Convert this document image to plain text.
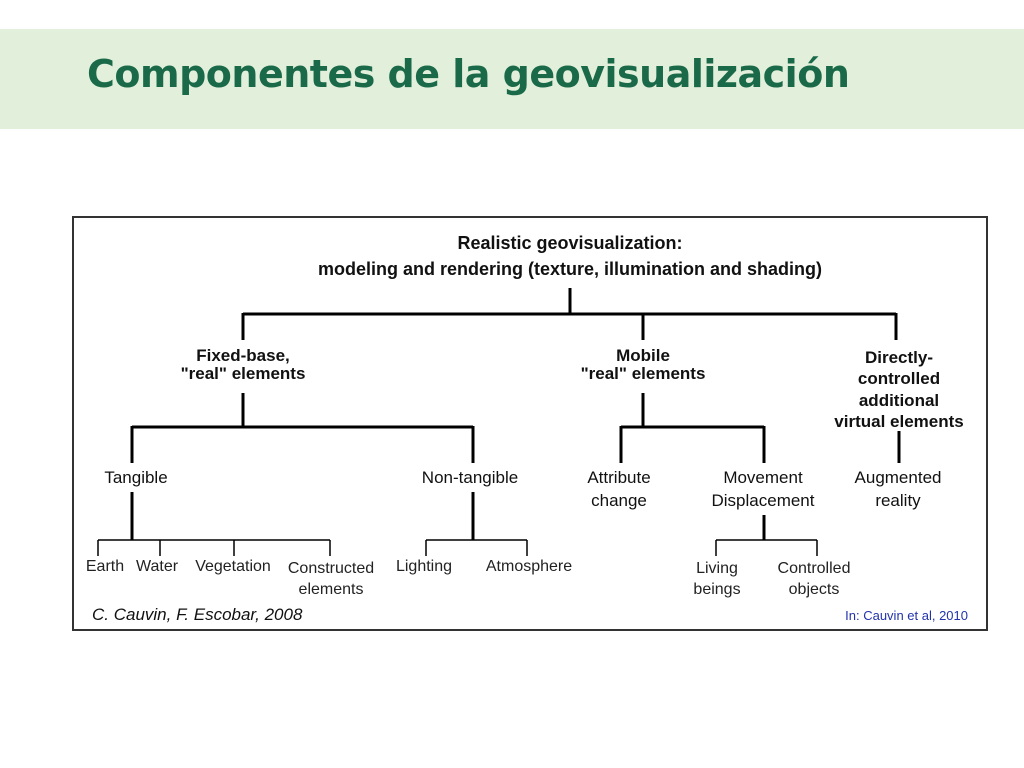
Componentes de la geovisualización
Realistic geovisualization:
modeling and rendering (texture, illumination and shading)
Fixed-base,
"real" elements
Mobile
"real" elements
Directly-
controlled
additional
virtual elements
Tangible	Non-tangible	Attribute
change
Movement
Displacement
Augmented
reality
Earth Water Vegetation Constructed
elements
Lighting Atmosphere	Living
beings
Controlled
objects
C. Cauvin, F. Escobar, 2008	In: Cauvin et al, 2010
